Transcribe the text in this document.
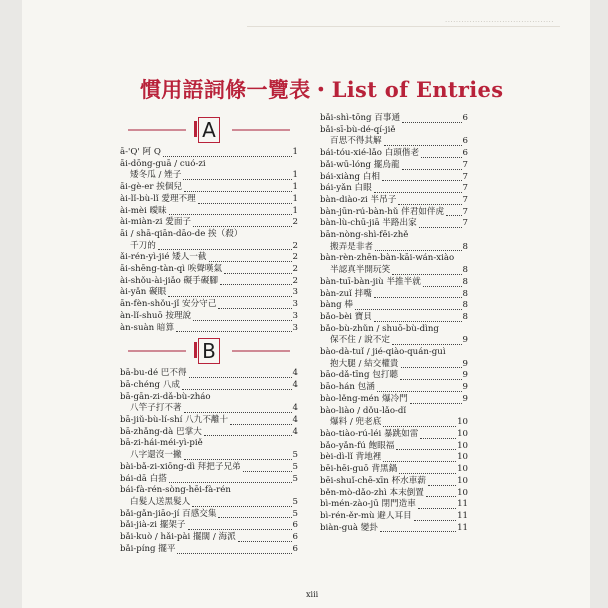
........................................
慣用語詞條一覽表・List of Entries
A
ā-'Q' 阿 Q	1
āi-dōng-guā / cuó-zi
矮冬瓜 / 矬子	1
āi-gè-er 挨個兒	1
ài-lǐ-bù-lǐ 愛理不理	1
ài-mèi 曖昧	1
ài-miàn-zi 愛面子	2
āi / shā-qiān-dāo-de 挨（殺）
千刀的	2
ǎi-rén-yì-jié 矮人一截	2
āi-shēng-tàn-qì 唉聲嘆氣	2
ài-shǒu-ài-jiǎo 礙手礙腳	2
ài-yǎn 礙眼	3
ān-fèn-shǒu-jǐ 安分守己	3
àn-lǐ-shuō 按理說	3
àn-suàn 暗算	3
B
bā-bu-dé 巴不得	4
bā-chéng 八成	4
bā-gān-zi-dǎ-bù-zháo
八竿子打不著	4
bā-jiǔ-bù-lí-shí 八九不離十	4
bā-zhǎng-dà 巴掌大	4
bā-zi-hái-méi-yì-piě
八字還沒一撇	5
bài-bǎ-zi-xiōng-dì 拜把子兄弟	5
bái-dā 白搭	5
bái-fà-rén-sòng-hēi-fà-rén
白髮人送黑髮人	5
bǎi-gǎn-jiāo-jí 百感交集	5
bǎi-jià-zi 擺架子	6
bǎi-kuò / hǎi-pài 擺闊 / 海派	6
bǎi-píng 擺平	6
bǎi-shì-tōng 百事通	6
bǎi-sī-bù-dé-qí-jiě
百思不得其解	6
bái-tóu-xié-lǎo 白頭偕老	6
bǎi-wū-lóng 擺烏龍	7
bái-xiàng 白相	7
bái-yǎn 白眼	7
bàn-diào-zi 半吊子	7
bàn-jūn-rú-bàn-hǔ 伴君如伴虎 7
bàn-lù-chū-jiā 半路出家	7
bān-nòng-shì-fēi-zhě
搬弄是非者	8
bàn-rèn-zhēn-bàn-kāi-wán-xiào
半認真半開玩笑	8
bàn-tuī-bàn-jiù 半推半就	8
bàn-zuǐ 拌嘴	8
bàng 棒	8
bǎo-bèi 寶貝	8
bǎo-bù-zhǔn / shuō-bù-dìng
保不住 / 說不定	9
bào-dà-tuǐ / jié-qiào-quán-guì
抱大腿 / 結交權貴	9
bāo-dǎ-tīng 包打聽	9
bāo-hán 包涵	9
bào-lěng-mén 爆冷門	9
bào-liào / dǒu-lǎo-dǐ
爆料 / 兜老底	10
bào-tiào-rú-léi 暴跳如雷	10
bǎo-yǎn-fú 飽眼福	10
bèi-dì-lǐ 背地裡	10
bēi-hēi-guō 背黑鍋	10
bēi-shuǐ-chē-xīn 杯水車薪	10
běn-mò-dǎo-zhì 本末倒置	10
bì-mén-zào-jū 閉門造車	11
bì-rén-ěr-mù 避人耳目	11
biàn-guà 變卦	11
xiii
